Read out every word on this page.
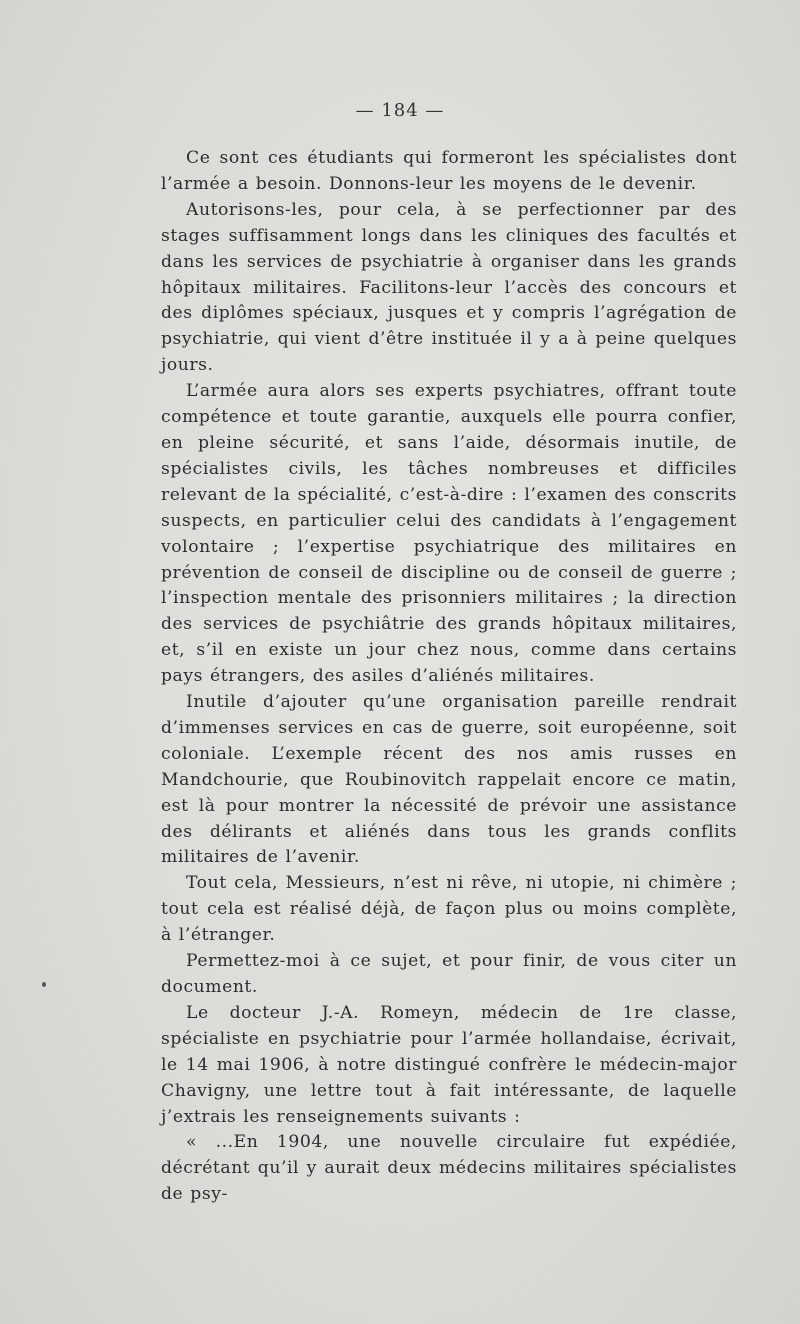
— 184 —

Ce sont ces étudiants qui formeront les spécialistes dont l’armée a besoin. Donnons-leur les moyens de le devenir.

Autorisons-les, pour cela, à se perfectionner par des stages suffisamment longs dans les cliniques des facultés et dans les services de psychiatrie à organiser dans les grands hôpitaux militaires. Facilitons-leur l’accès des concours et des diplômes spéciaux, jusques et y compris l’agrégation de psychiatrie, qui vient d’être instituée il y a à peine quelques jours.

L’armée aura alors ses experts psychiatres, offrant toute compétence et toute garantie, auxquels elle pourra confier, en pleine sécurité, et sans l’aide, désormais inutile, de spécialistes civils, les tâches nombreuses et difficiles relevant de la spécialité, c’est-à-dire : l’examen des conscrits suspects, en particulier celui des candidats à l’engagement volontaire ; l’expertise psychiatrique des militaires en prévention de conseil de discipline ou de conseil de guerre ; l’inspection mentale des prisonniers militaires ; la direction des services de psychiâtrie des grands hôpitaux militaires, et, s’il en existe un jour chez nous, comme dans certains pays étrangers, des asiles d’aliénés militaires.

Inutile d’ajouter qu’une organisation pareille rendrait d’immenses services en cas de guerre, soit européenne, soit coloniale. L’exemple récent des nos amis russes en Mandchourie, que Roubinovitch rappelait encore ce matin, est là pour montrer la nécessité de prévoir une assistance des délirants et aliénés dans tous les grands conflits militaires de l’avenir.

Tout cela, Messieurs, n’est ni rêve, ni utopie, ni chimère ; tout cela est réalisé déjà, de façon plus ou moins complète, à l’étranger.

Permettez-moi à ce sujet, et pour finir, de vous citer un document.

Le docteur J.-A. Romeyn, médecin de 1re classe, spécialiste en psychiatrie pour l’armée hollandaise, écrivait, le 14 mai 1906, à notre distingué confrère le médecin-major Chavigny, une lettre tout à fait intéressante, de laquelle j’extrais les renseignements suivants :

« ...En 1904, une nouvelle circulaire fut expédiée, décrétant qu’il y aurait deux médecins militaires spécialistes de psy-
